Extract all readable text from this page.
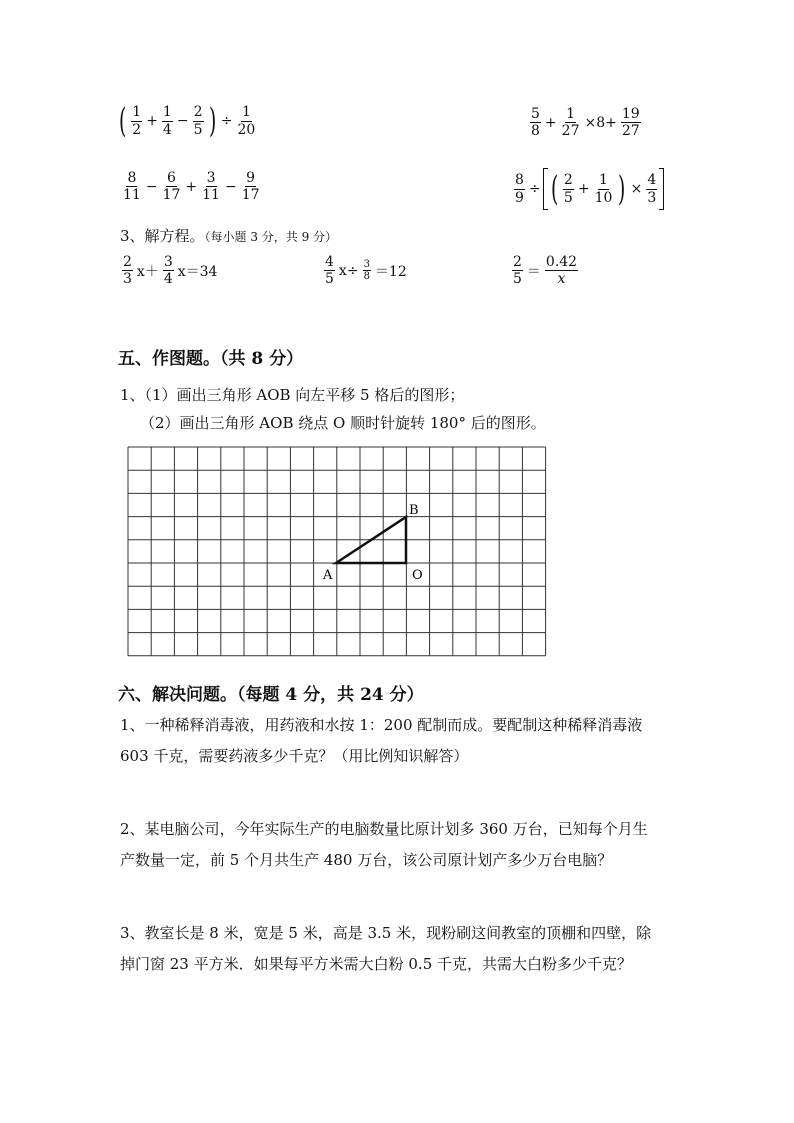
( $\frac{1}{2} + \frac{1}{4} - \frac{2}{5}$ ) ÷ $\frac{1}{20}$	$\frac{5}{8} + \frac{1}{27} \times 8+ \frac{19}{27}$
$\frac{8}{11} - \frac{6}{17} + \frac{3}{11} - \frac{9}{17}$	$\frac{8}{9}$ ÷ ( $\frac{2}{5} + \frac{1}{10}$ ) × $\frac{4}{3}$
3、解方程。（每小题 3 分，共 9 分）
$\frac{2}{3} x+ \frac{3}{4} x=34$	$\frac{4}{5} x\div \frac{3}{8} =12$	$\frac{2}{5} = \frac{0.42}{x}$
五、作图题。（共 8 分）
1、（1）画出三角形 AOB 向左平移 5 格后的图形；
（2）画出三角形 AOB 绕点 O 顺时针旋转 180° 后的图形。
A
B
O
六、解决问题。（每题 4 分，共 24 分）
1、一种稀释消毒液，用药液和水按 1：200 配制而成。要配制这种稀释消毒液
603 千克，需要药液多少千克？（用比例知识解答）
2、某电脑公司，今年实际生产的电脑数量比原计划多 360 万台，已知每个月生
产数量一定，前 5 个月共生产 480 万台，该公司原计划产多少万台电脑？
3、教室长是 8 米，宽是 5 米，高是 3.5 米，现粉刷这间教室的顶棚和四壁，除
掉门窗 23 平方米．如果每平方米需大白粉 0.5 千克，共需大白粉多少千克？
